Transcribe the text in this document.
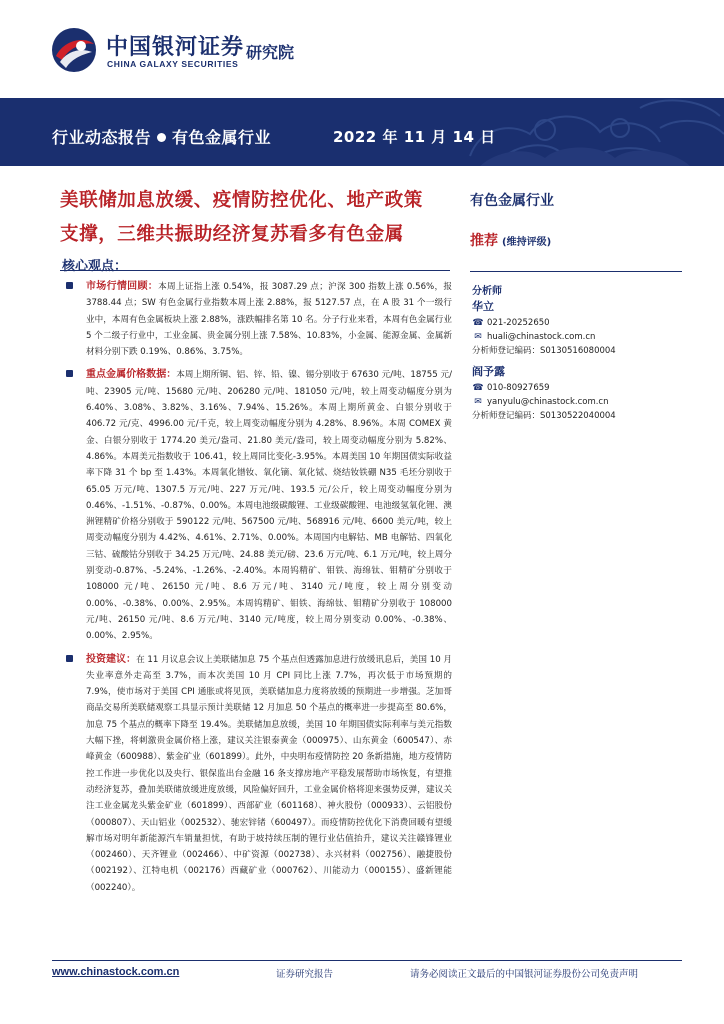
中国银河证券
CHINA GALAXY SECURITIES
研究院
行业动态报告 有色金属行业	2022 年 11 月 14 日
美联储加息放缓、疫情防控优化、地产政策
支撑，三维共振助经济复苏看多有色金属
核心观点：
有色金属行业
推荐 (维持评级)
分析师
华立
☎ 021-20252650
✉ huali@chinastock.com.cn
分析师登记编码：S0130516080004
阎予露
☎ 010-80927659
✉ yanyulu@chinastock.com.cn
分析师登记编码：S0130522040004
市场行情回顾：本周上证指上涨 0.54%，报 3087.29 点；沪深 300 指数上涨 0.56%，报 3788.44 点；SW 有色金属行业指数本周上涨 2.88%，报 5127.57 点，在 A 股 31 个一级行业中，本周有色金属板块上涨 2.88%，涨跌幅排名第 10 名。分子行业来看，本周有色金属行业 5 个二级子行业中，工业金属、贵金属分别上涨 7.58%、10.83%，小金属、能源金属、金属新材料分别下跌 0.19%、0.86%、3.75%。
重点金属价格数据：本周上期所铜、铝、锌、铅、镍、锡分别收于 67630 元/吨、18755 元/吨、23905 元/吨、15680 元/吨、206280 元/吨、181050 元/吨，较上周变动幅度分别为 6.40%、3.08%、3.82%、3.16%、7.94%、15.26%。本周上期所黄金、白银分别收于 406.72 元/克、4996.00 元/千克，较上周变动幅度分别为 4.28%、8.96%。本周 COMEX 黄金、白银分别收于 1774.20 美元/盎司、21.80 美元/盎司，较上周变动幅度分别为 5.82%、4.86%。本周美元指数收于 106.41，较上周同比变化-3.95%。本周美国 10 年期国债实际收益率下降 31 个 bp 至 1.43%。本周氧化镨钕、氧化镝、氧化铽、烧结钕铁硼 N35 毛坯分别收于 65.05 万元/吨、1307.5 万元/吨、227 万元/吨、193.5 元/公斤，较上周变动幅度分别为 0.46%、-1.51%、-0.87%、0.00%。本周电池级碳酸锂、工业级碳酸锂、电池级氢氧化锂、澳洲锂精矿价格分别收于 590122 元/吨、567500 元/吨、568916 元/吨、6600 美元/吨，较上周变动幅度分别为 4.42%、4.61%、2.71%、0.00%。本周国内电解钴、MB 电解钴、四氧化三钴、硫酸钴分别收于 34.25 万元/吨、24.88 美元/磅、23.6 万元/吨、6.1 万元/吨，较上周分别变动-0.87%、-5.24%、-1.26%、-2.40%。本周钨精矿、钼铁、海绵钛、钼精矿分别收于 108000 元/吨、26150 元/吨、8.6 万元/吨、3140 元/吨度，较上周分别变动 0.00%、-0.38%、0.00%、2.95%。本周钨精矿、钼铁、海绵钛、钼精矿分别收于 108000 元/吨、26150 元/吨、8.6 万元/吨、3140 元/吨度，较上周分别变动 0.00%、-0.38%、0.00%、2.95%。
投资建议：在 11 月议息会议上美联储加息 75 个基点但透露加息进行放缓讯息后，美国 10 月失业率意外走高至 3.7%，而本次美国 10 月 CPI 同比上涨 7.7%，再次低于市场预期的 7.9%，使市场对于美国 CPI 通胀或将见顶，美联储加息力度将放缓的预期进一步增强。芝加哥商品交易所美联储观察工具显示预计美联储 12 月加息 50 个基点的概率进一步提高至 80.6%，加息 75 个基点的概率下降至 19.4%。美联储加息放缓，美国 10 年期国债实际利率与美元指数大幅下挫，将刺激贵金属价格上涨，建议关注银泰黄金（000975）、山东黄金（600547）、赤峰黄金（600988）、紫金矿业（601899）。此外，中央明布疫情防控 20 条新措施，地方疫情防控工作进一步优化以及央行、银保监出台金融 16 条支撑房地产平稳发展帮助市场恢复，有望推动经济复苏，叠加美联储放缓进度放缓，风险偏好回升，工业金属价格将迎来强势反弹，建议关注工业金属龙头紫金矿业（601899）、西部矿业（601168）、神火股份（000933）、云铝股份（000807）、天山铝业（002532）、驰宏锌锗（600497）。而疫情防控优化下消费回暖有望缓解市场对明年新能源汽车销量担忧，有助于坡持续压制的锂行业估值抬升，建议关注赣锋锂业（002460）、天齐锂业（002466）、中矿资源（002738）、永兴材料（002756）、融捷股份（002192）、江特电机（002176）西藏矿业（000762）、川能动力（000155）、盛新锂能（002240）。
www.chinastock.com.cn	证券研究报告	请务必阅读正文最后的中国银河证券股份公司免责声明
